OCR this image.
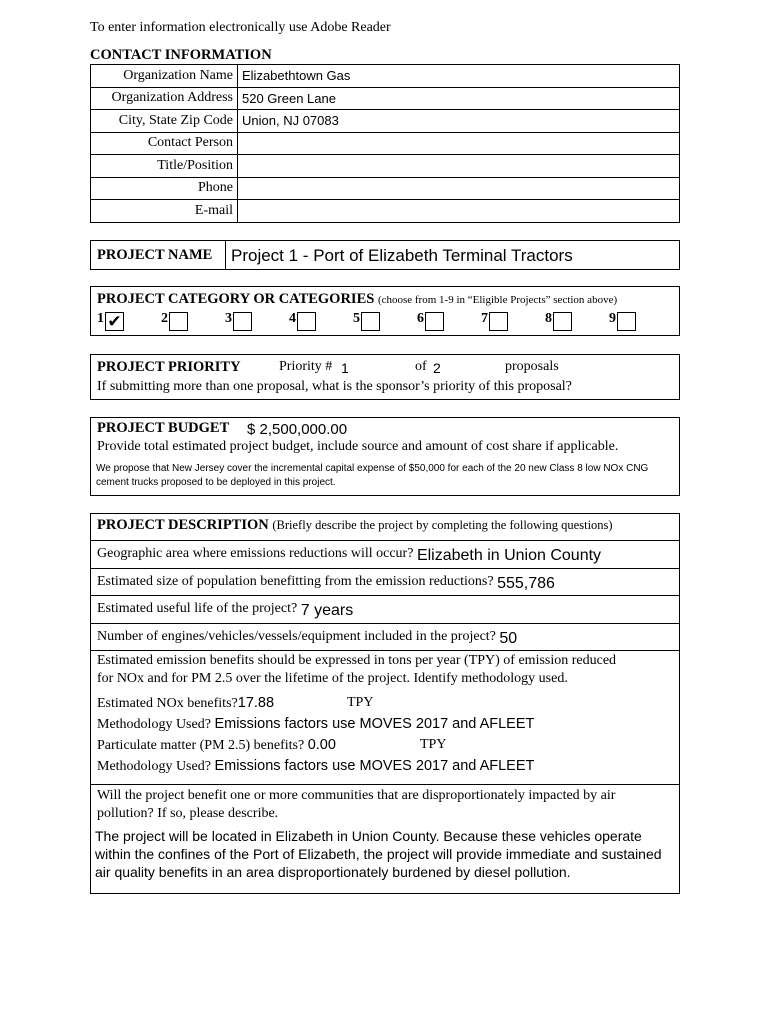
To enter information electronically use Adobe Reader
CONTACT INFORMATION
Organization Name	Elizabethtown Gas
Organization Address	520 Green Lane
City, State Zip Code	Union, NJ 07083
Contact Person	
Title/Position	
Phone	
E-mail	
PROJECT NAME	Project 1 - Port of Elizabeth Terminal Tractors
PROJECT CATEGORY OR CATEGORIES (choose from 1-9 in “Eligible Projects” section above)
1 ✔	2	3	4	5	6	7	8	9
PROJECT PRIORITY	Priority # 1	of 2	proposals
If submitting more than one proposal, what is the sponsor’s priority of this proposal?
PROJECT BUDGET $ 2,500,000.00
Provide total estimated project budget, include source and amount of cost share if applicable.
We propose that New Jersey cover the incremental capital expense of $50,000 for each of the 20 new Class 8 low NOx CNG cement trucks proposed to be deployed in this project.
PROJECT DESCRIPTION (Briefly describe the project by completing the following questions)
Geographic area where emissions reductions will occur? Elizabeth in Union County
Estimated size of population benefitting from the emission reductions? 555,786
Estimated useful life of the project? 7 years
Number of engines/vehicles/vessels/equipment included in the project? 50
Estimated emission benefits should be expressed in tons per year (TPY) of emission reduced
for NOx and for PM 2.5 over the lifetime of the project. Identify methodology used.
Estimated NOx benefits?17.88	TPY
Methodology Used? Emissions factors use MOVES 2017 and AFLEET
Particulate matter (PM 2.5) benefits? 0.00	TPY
Methodology Used? Emissions factors use MOVES 2017 and AFLEET
Will the project benefit one or more communities that are disproportionately impacted by air pollution? If so, please describe.
The project will be located in Elizabeth in Union County. Because these vehicles operate within the confines of the Port of Elizabeth, the project will provide immediate and sustained air quality benefits in an area disproportionately burdened by diesel pollution.
